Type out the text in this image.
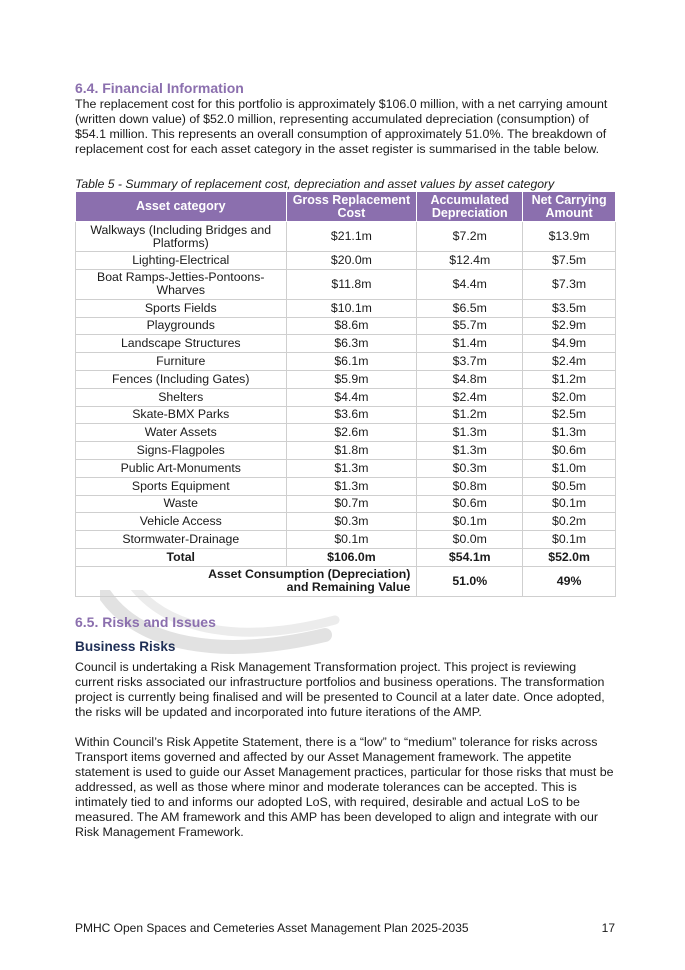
6.4. Financial Information

The replacement cost for this portfolio is approximately $106.0 million, with a net carrying amount (written down value) of $52.0 million, representing accumulated depreciation (consumption) of $54.1 million. This represents an overall consumption of approximately 51.0%. The breakdown of replacement cost for each asset category in the asset register is summarised in the table below.

Table 5 - Summary of replacement cost, depreciation and asset values by asset category

Asset category	Gross Replacement Cost	Accumulated Depreciation	Net Carrying Amount
Walkways (Including Bridges and Platforms)	$21.1m	$7.2m	$13.9m
Lighting-Electrical	$20.0m	$12.4m	$7.5m
Boat Ramps-Jetties-Pontoons-Wharves	$11.8m	$4.4m	$7.3m
Sports Fields	$10.1m	$6.5m	$3.5m
Playgrounds	$8.6m	$5.7m	$2.9m
Landscape Structures	$6.3m	$1.4m	$4.9m
Furniture	$6.1m	$3.7m	$2.4m
Fences (Including Gates)	$5.9m	$4.8m	$1.2m
Shelters	$4.4m	$2.4m	$2.0m
Skate-BMX Parks	$3.6m	$1.2m	$2.5m
Water Assets	$2.6m	$1.3m	$1.3m
Signs-Flagpoles	$1.8m	$1.3m	$0.6m
Public Art-Monuments	$1.3m	$0.3m	$1.0m
Sports Equipment	$1.3m	$0.8m	$0.5m
Waste	$0.7m	$0.6m	$0.1m
Vehicle Access	$0.3m	$0.1m	$0.2m
Stormwater-Drainage	$0.1m	$0.0m	$0.1m
Total	$106.0m	$54.1m	$52.0m
Asset Consumption (Depreciation) and Remaining Value		51.0%	49%
6.5. Risks and Issues
Business Risks

Council is undertaking a Risk Management Transformation project. This project is reviewing current risks associated our infrastructure portfolios and business operations. The transformation project is currently being finalised and will be presented to Council at a later date. Once adopted, the risks will be updated and incorporated into future iterations of the AMP.

Within Council’s Risk Appetite Statement, there is a “low” to “medium” tolerance for risks across Transport items governed and affected by our Asset Management framework. The appetite statement is used to guide our Asset Management practices, particular for those risks that must be addressed, as well as those where minor and moderate tolerances can be accepted. This is intimately tied to and informs our adopted LoS, with required, desirable and actual LoS to be measured. The AM framework and this AMP has been developed to align and integrate with our Risk Management Framework.

PMHC Open Spaces and Cemeteries Asset Management Plan 2025-2035	17
